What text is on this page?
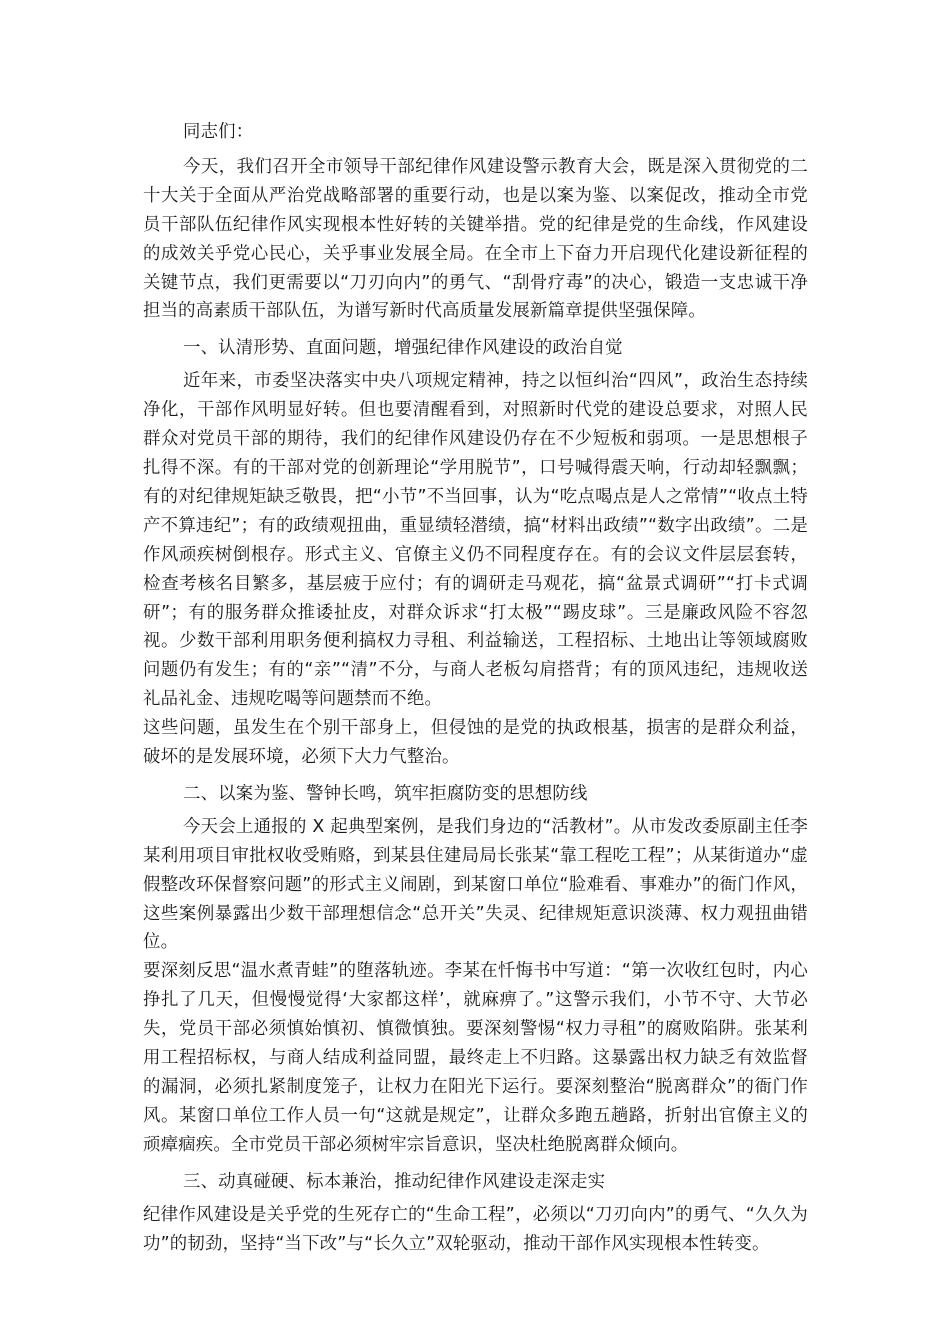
同志们：

今天，我们召开全市领导干部纪律作风建设警示教育大会，既是深入贯彻党的二十大关于全面从严治党战略部署的重要行动，也是以案为鉴、以案促改，推动全市党员干部队伍纪律作风实现根本性好转的关键举措。党的纪律是党的生命线，作风建设的成效关乎党心民心，关乎事业发展全局。在全市上下奋力开启现代化建设新征程的关键节点，我们更需要以“刀刃向内”的勇气、“刮骨疗毒”的决心，锻造一支忠诚干净担当的高素质干部队伍，为谱写新时代高质量发展新篇章提供坚强保障。

一、认清形势、直面问题，增强纪律作风建设的政治自觉

近年来，市委坚决落实中央八项规定精神，持之以恒纠治“四风”，政治生态持续净化，干部作风明显好转。但也要清醒看到，对照新时代党的建设总要求，对照人民群众对党员干部的期待，我们的纪律作风建设仍存在不少短板和弱项。一是思想根子扎得不深。有的干部对党的创新理论“学用脱节”，口号喊得震天响，行动却轻飘飘；有的对纪律规矩缺乏敬畏，把“小节”不当回事，认为“吃点喝点是人之常情”“收点土特产不算违纪”；有的政绩观扭曲，重显绩轻潜绩，搞“材料出政绩”“数字出政绩”。二是作风顽疾树倒根存。形式主义、官僚主义仍不同程度存在。有的会议文件层层套转，检查考核名目繁多，基层疲于应付；有的调研走马观花，搞“盆景式调研”“打卡式调研”；有的服务群众推诿扯皮，对群众诉求“打太极”“踢皮球”。三是廉政风险不容忽视。少数干部利用职务便利搞权力寻租、利益输送，工程招标、土地出让等领域腐败问题仍有发生；有的“亲”“清”不分，与商人老板勾肩搭背；有的顶风违纪，违规收送礼品礼金、违规吃喝等问题禁而不绝。

这些问题，虽发生在个别干部身上，但侵蚀的是党的执政根基，损害的是群众利益，破坏的是发展环境，必须下大力气整治。

二、以案为鉴、警钟长鸣，筑牢拒腐防变的思想防线

今天会上通报的 X 起典型案例，是我们身边的“活教材”。从市发改委原副主任李某利用项目审批权收受贿赂，到某县住建局局长张某“靠工程吃工程”；从某街道办“虚假整改环保督察问题”的形式主义闹剧，到某窗口单位“脸难看、事难办”的衙门作风，这些案例暴露出少数干部理想信念“总开关”失灵、纪律规矩意识淡薄、权力观扭曲错位。

要深刻反思“温水煮青蛙”的堕落轨迹。李某在忏悔书中写道：“第一次收红包时，内心挣扎了几天，但慢慢觉得‘大家都这样’，就麻痹了。”这警示我们，小节不守、大节必失，党员干部必须慎始慎初、慎微慎独。要深刻警惕“权力寻租”的腐败陷阱。张某利用工程招标权，与商人结成利益同盟，最终走上不归路。这暴露出权力缺乏有效监督的漏洞，必须扎紧制度笼子，让权力在阳光下运行。要深刻整治“脱离群众”的衙门作风。某窗口单位工作人员一句“这就是规定”，让群众多跑五趟路，折射出官僚主义的顽瘴痼疾。全市党员干部必须树牢宗旨意识，坚决杜绝脱离群众倾向。

三、动真碰硬、标本兼治，推动纪律作风建设走深走实

纪律作风建设是关乎党的生死存亡的“生命工程”，必须以“刀刃向内”的勇气、“久久为功”的韧劲，坚持“当下改”与“长久立”双轮驱动，推动干部作风实现根本性转变。
